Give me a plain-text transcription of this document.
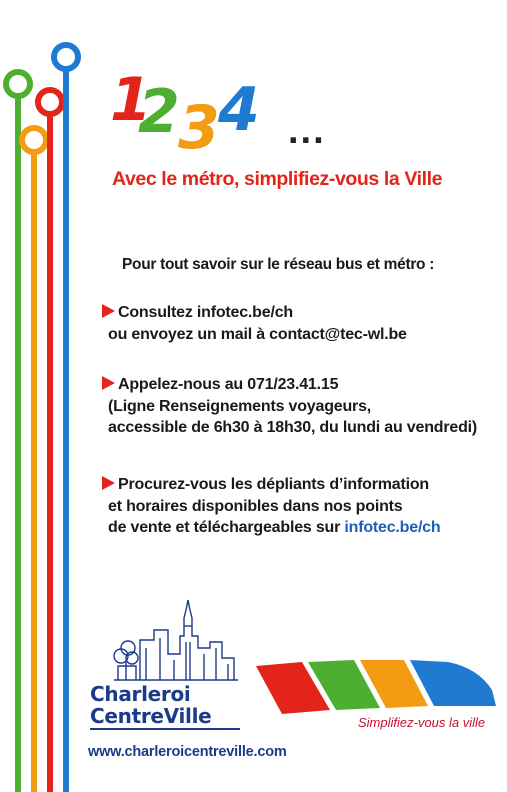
1
2
3
4 ...
Avec le métro, simplifiez-vous la Ville
Pour tout savoir sur le réseau bus et métro :
Consultez infotec.be/ch
ou envoyez un mail à contact@tec-wl.be
Appelez-nous au 071/23.41.15
(Ligne Renseignements voyageurs,
accessible de 6h30 à 18h30, du lundi au vendredi)
Procurez-vous les dépliants d’information
et horaires disponibles dans nos points
de vente et téléchargeables sur infotec.be/ch
Charleroi
CentreVille
www.charleroicentreville.com
Simplifiez-vous la ville
